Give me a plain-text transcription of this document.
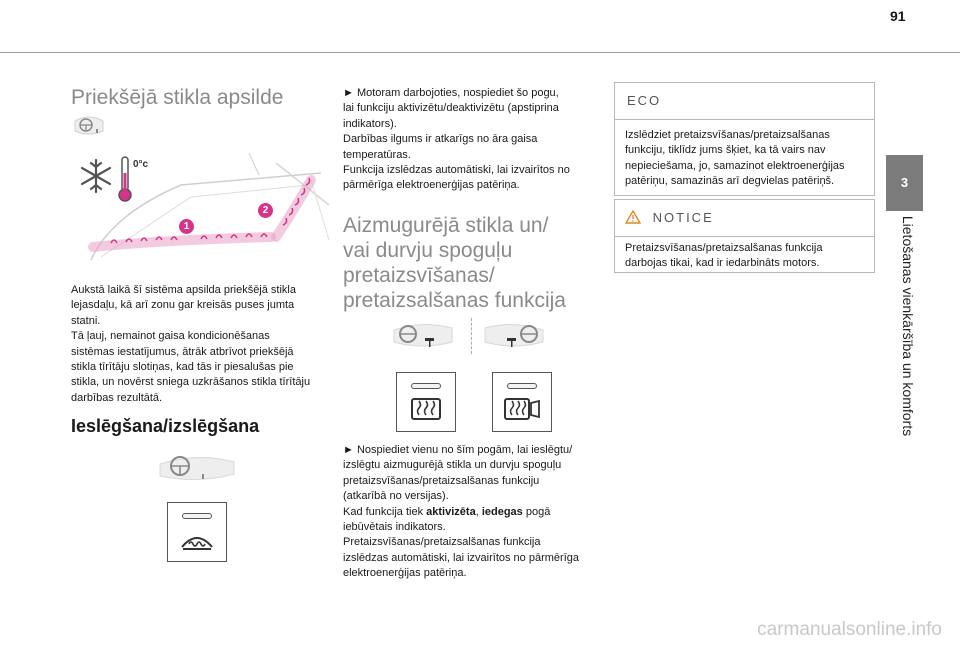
91
3
Lietošanas vienkāršība un komforts
Priekšējā stikla apsilde
0°c
1
2

Aukstā laikā šī sistēma apsilda priekšējā stikla

lejasdaļu, kā arī zonu gar kreisās puses jumta

statni.

Tā ļauj, nemainot gaisa kondicionēšanas

sistēmas iestatījumus, ātrāk atbrīvot priekšējā

stikla tīrītāju slotiņas, kad tās ir piesalušas pie

stikla, un novērst sniega uzkrāšanos stikla tīrītāju

darbības rezultātā.

Ieslēgšana/izslēgšana

► Motoram darbojoties, nospiediet šo pogu,

lai funkciju aktivizētu/deaktivizētu (apstiprina

indikators).

Darbības ilgums ir atkarīgs no āra gaisa

temperatūras.

Funkcija izslēdzas automātiski, lai izvairītos no

pārmērīga elektroenerģijas patēriņa.

Aizmugurējā stikla un/
vai durvju spoguļu
pretaizsvīšanas/
pretaizsalšanas funkcija

► Nospiediet vienu no šīm pogām, lai ieslēgtu/

izslēgtu aizmugurējā stikla un durvju spoguļu

pretaizsvīšanas/pretaizsalšanas funkciju

(atkarībā no versijas).

Kad funkcija tiek aktivizēta, iedegas pogā

iebūvētais indikators.

Pretaizsvīšanas/pretaizsalšanas funkcija

izslēdzas automātiski, lai izvairītos no pārmērīga

elektroenerģijas patēriņa.

ECO
Izslēdziet pretaizsvīšanas/pretaizsalšanas
funkciju, tiklīdz jums šķiet, ka tā vairs nav
nepieciešama, jo, samazinot elektroenerģijas
patēriņu, samazinās arī degvielas patēriņš.
NOTICE
Pretaizsvīšanas/pretaizsalšanas funkcija
darbojas tikai, kad ir iedarbināts motors.
carmanualsonline.info
